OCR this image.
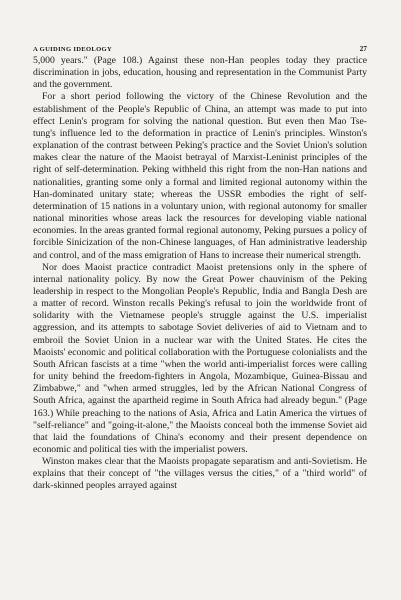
A GUIDING IDEOLOGY	27

5,000 years." (Page 108.) Against these non-Han peoples today they practice discrimination in jobs, education, housing and representation in the Communist Party and the government.

For a short period following the victory of the Chinese Revolution and the establishment of the People's Republic of China, an attempt was made to put into effect Lenin's program for solving the national question. But even then Mao Tse-tung's influence led to the deformation in practice of Lenin's principles. Winston's explanation of the contrast between Peking's practice and the Soviet Union's solution makes clear the nature of the Maoist betrayal of Marxist-Leninist principles of the right of self-determination. Peking withheld this right from the non-Han nations and nationalities, granting some only a formal and limited regional autonomy within the Han-dominated unitary state; whereas the USSR embodies the right of self-determination of 15 nations in a voluntary union, with regional autonomy for smaller national minorities whose areas lack the resources for developing viable national economies. In the areas granted formal regional autonomy, Peking pursues a policy of forcible Sinicization of the non-Chinese languages, of Han administrative leadership and control, and of the mass emigration of Hans to increase their numerical strength.

Nor does Maoist practice contradict Maoist pretensions only in the sphere of internal nationality policy. By now the Great Power chauvinism of the Peking leadership in respect to the Mongolian People's Republic, India and Bangla Desh are a matter of record. Winston recalls Peking's refusal to join the worldwide front of solidarity with the Vietnamese people's struggle against the U.S. imperialist aggression, and its attempts to sabotage Soviet deliveries of aid to Vietnam and to embroil the Soviet Union in a nuclear war with the United States. He cites the Maoists' economic and political collaboration with the Portuguese colonialists and the South African fascists at a time "when the world anti-imperialist forces were calling for unity behind the freedom-fighters in Angola, Mozambique, Guinea-Bissau and Zimbabwe," and "when armed struggles, led by the African National Congress of South Africa, against the apartheid regime in South Africa had already begun." (Page 163.) While preaching to the nations of Asia, Africa and Latin America the virtues of "self-reliance" and "going-it-alone," the Maoists conceal both the immense Soviet aid that laid the foundations of China's economy and their present dependence on economic and political ties with the imperialist powers.

Winston makes clear that the Maoists propagate separatism and anti-Sovietism. He explains that their concept of "the villages versus the cities," of a "third world" of dark-skinned peoples arrayed against
